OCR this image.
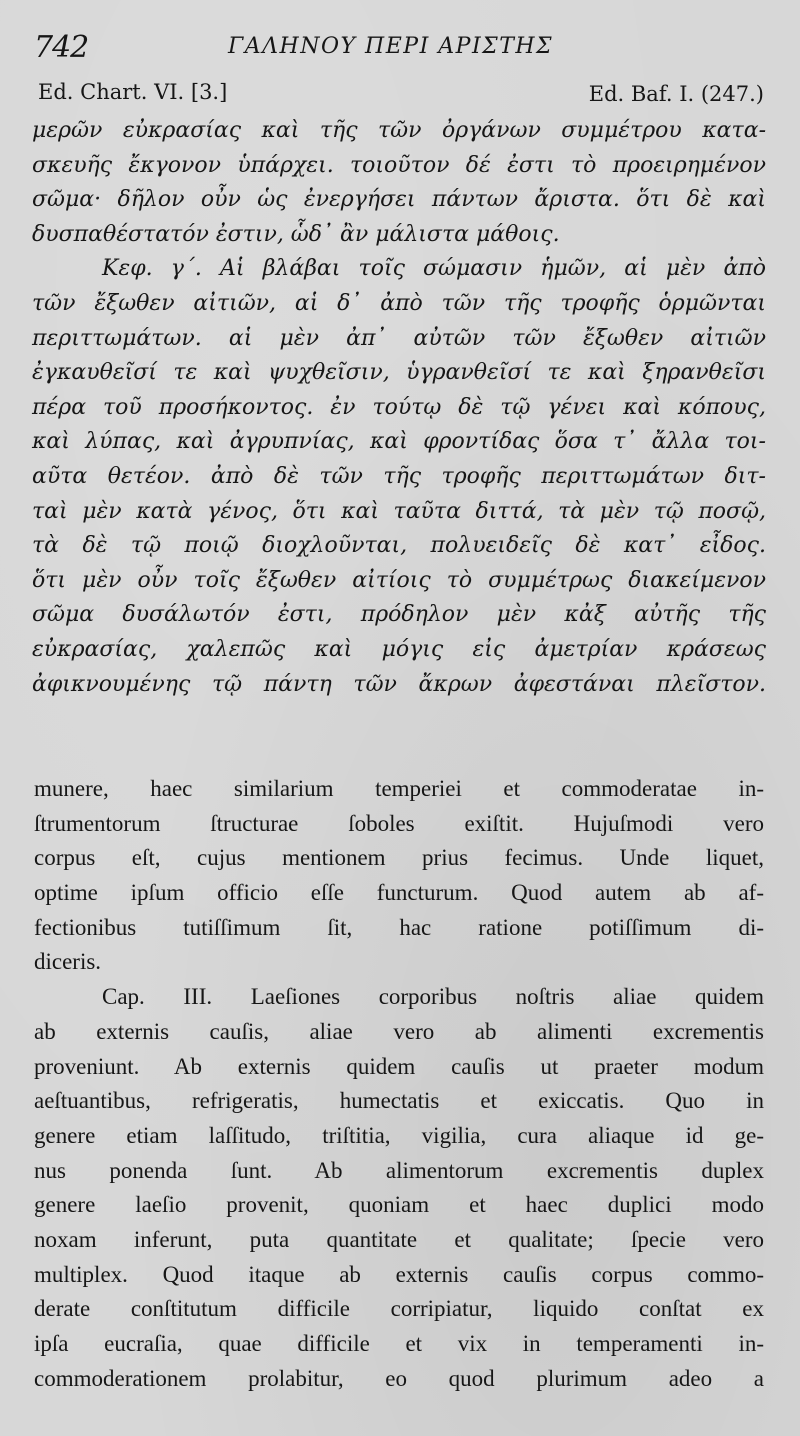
742	ΓΑΛΗΝΟΥ ΠΕΡΙ ΑΡΙΣΤΗΣ
Ed. Chart. VI. [3.]	Ed. Baf. I. (247.)
μερῶν εὐκρασίας καὶ τῆς τῶν ὀργάνων συμμέτρου κατα-
σκευῆς ἔκγονον ὑπάρχει. τοιοῦτον δέ ἐστι τὸ προειρημένον
σῶμα· δῆλον οὖν ὡς ἐνεργήσει πάντων ἄριστα. ὅτι δὲ καὶ
δυσπαθέστατόν ἐστιν, ὧδ᾽ ἂν μάλιστα μάθοις.
Κεφ. γ΄. Αἱ βλάβαι τοῖς σώμασιν ἡμῶν, αἱ μὲν ἀπὸ
τῶν ἔξωθεν αἰτιῶν, αἱ δ᾽ ἀπὸ τῶν τῆς τροφῆς ὁρμῶνται
περιττωμάτων. αἱ μὲν ἀπ᾽ αὐτῶν τῶν ἔξωθεν αἰτιῶν
ἐγκαυθεῖσί τε καὶ ψυχθεῖσιν, ὑγρανθεῖσί τε καὶ ξηρανθεῖσι
πέρα τοῦ προσήκοντος. ἐν τούτῳ δὲ τῷ γένει καὶ κόπους,
καὶ λύπας, καὶ ἀγρυπνίας, καὶ φροντίδας ὅσα τ᾽ ἄλλα τοι-
αῦτα θετέον. ἀπὸ δὲ τῶν τῆς τροφῆς περιττωμάτων διτ-
ταὶ μὲν κατὰ γένος, ὅτι καὶ ταῦτα διττά, τὰ μὲν τῷ ποσῷ,
τὰ δὲ τῷ ποιῷ διοχλοῦνται, πολυειδεῖς δὲ κατ᾽ εἶδος.
ὅτι μὲν οὖν τοῖς ἔξωθεν αἰτίοις τὸ συμμέτρως διακείμενον
σῶμα δυσάλωτόν ἐστι, πρόδηλον μὲν κἀξ αὐτῆς τῆς
εὐκρασίας, χαλεπῶς καὶ μόγις εἰς ἀμετρίαν κράσεως
ἀφικνουμένης τῷ πάντη τῶν ἄκρων ἀφεστάναι πλεῖστον.
munere, haec similarium temperiei et commoderatae in-
ſtrumentorum ſtructurae ſoboles exiſtit. Hujuſmodi vero
corpus eſt, cujus mentionem prius fecimus. Unde liquet,
optime ipſum officio eſſe functurum. Quod autem ab af-
fectionibus tutiſſimum ſit, hac ratione potiſſimum di-
diceris.
Cap. III. Laeſiones corporibus noſtris aliae quidem
ab externis cauſis, aliae vero ab alimenti excrementis
proveniunt. Ab externis quidem cauſis ut praeter modum
aeſtuantibus, refrigeratis, humectatis et exiccatis. Quo in
genere etiam laſſitudo, triſtitia, vigilia, cura aliaque id ge-
nus ponenda ſunt. Ab alimentorum excrementis duplex
genere laeſio provenit, quoniam et haec duplici modo
noxam inferunt, puta quantitate et qualitate; ſpecie vero
multiplex. Quod itaque ab externis cauſis corpus commo-
derate conſtitutum difficile corripiatur, liquido conſtat ex
ipſa eucraſia, quae difficile et vix in temperamenti in-
commoderationem prolabitur, eo quod plurimum adeo a
